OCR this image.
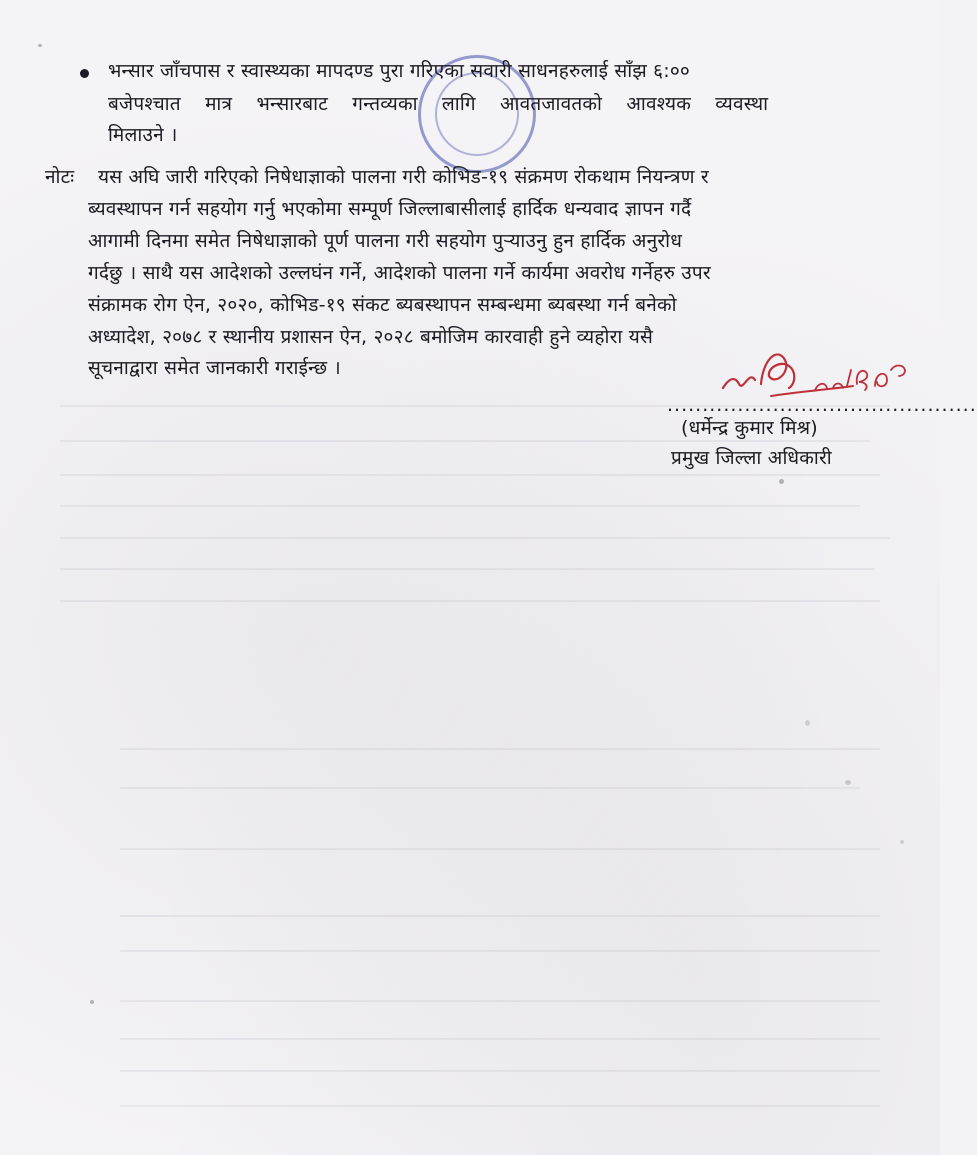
भन्सार जाँचपास र स्वास्थ्यका मापदण्ड पुरा गरिएका सवारी साधनहरुलाई साँझ ६:००
बजेपश्चात मात्र भन्सारबाट गन्तव्यका लागि आवतजावतको आवश्यक व्यवस्था
मिलाउने ।
नोटः यस अघि जारी गरिएको निषेधाज्ञाको पालना गरी कोभिड-१९ संक्रमण रोकथाम नियन्त्रण र
ब्यवस्थापन गर्न सहयोग गर्नु भएकोमा सम्पूर्ण जिल्लाबासीलाई हार्दिक धन्यवाद ज्ञापन गर्दै
आगामी दिनमा समेत निषेधाज्ञाको पूर्ण पालना गरी सहयोग पुऱ्याउनु हुन हार्दिक अनुरोध
गर्दछु । साथै यस आदेशको उल्लघंन गर्ने, आदेशको पालना गर्ने कार्यमा अवरोध गर्नेहरु उपर
संक्रामक रोग ऐन, २०२०, कोभिड-१९ संकट ब्यबस्थापन सम्बन्धमा ब्यबस्था गर्न बनेको
अध्यादेश, २०७८ र स्थानीय प्रशासन ऐन, २०२८ बमोजिम कारवाही हुने व्यहोरा यसै
सूचनाद्वारा समेत जानकारी गराईन्छ ।
............................................
(धर्मेन्द्र कुमार मिश्र)
प्रमुख जिल्ला अधिकारी
